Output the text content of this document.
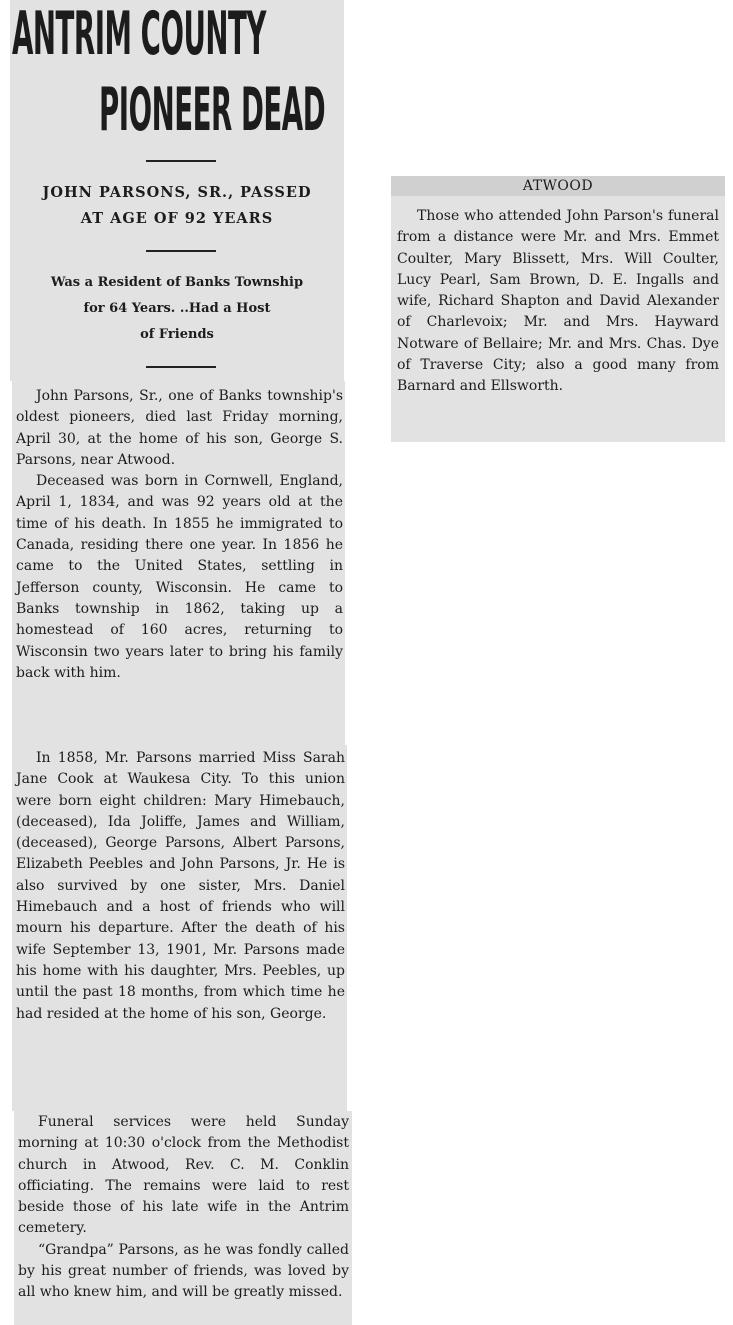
ANTRIM COUNTY
PIONEER DEAD
JOHN PARSONS, SR., PASSED
AT AGE OF 92 YEARS
Was a Resident of Banks Township
for 64 Years. ..Had a Host
of Friends

John Parsons, Sr., one of Banks township's oldest pioneers, died last Friday morning, April 30, at the home of his son, George S. Parsons, near Atwood.

Deceased was born in Cornwell, England, April 1, 1834, and was 92 years old at the time of his death. In 1855 he immigrated to Canada, residing there one year. In 1856 he came to the United States, settling in Jefferson county, Wisconsin. He came to Banks township in 1862, taking up a homestead of 160 acres, returning to Wisconsin two years later to bring his family back with him.

In 1858, Mr. Parsons married Miss Sarah Jane Cook at Waukesa City. To this union were born eight children: Mary Himebauch, (deceased), Ida Joliffe, James and William, (deceased), George Parsons, Albert Parsons, Elizabeth Peebles and John Parsons, Jr. He is also survived by one sister, Mrs. Daniel Himebauch and a host of friends who will mourn his departure. After the death of his wife September 13, 1901, Mr. Parsons made his home with his daughter, Mrs. Peebles, up until the past 18 months, from which time he had resided at the home of his son, George.

Funeral services were held Sunday morning at 10:30 o'clock from the Methodist church in Atwood, Rev. C. M. Conklin officiating. The remains were laid to rest beside those of his late wife in the Antrim cemetery.

“Grandpa” Parsons, as he was fondly called by his great number of friends, was loved by all who knew him, and will be greatly missed.

ATWOOD

Those who attended John Parson's funeral from a distance were Mr. and Mrs. Emmet Coulter, Mary Blissett, Mrs. Will Coulter, Lucy Pearl, Sam Brown, D. E. Ingalls and wife, Richard Shapton and David Alexander of Charlevoix; Mr. and Mrs. Hayward Notware of Bellaire; Mr. and Mrs. Chas. Dye of Traverse City; also a good many from Barnard and Ellsworth.
